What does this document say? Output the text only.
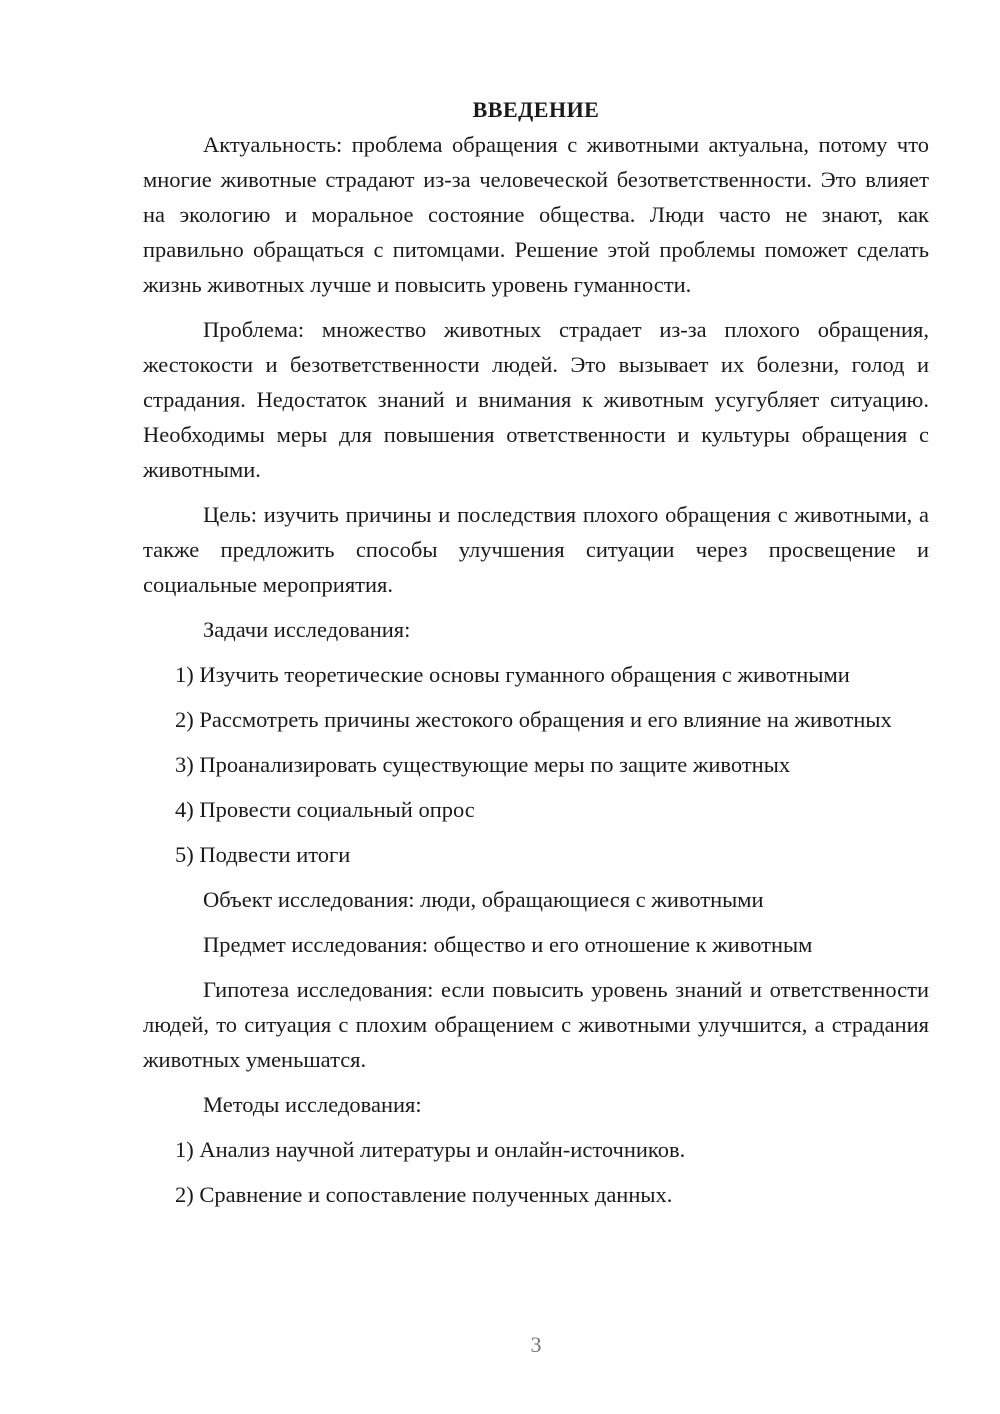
ВВЕДЕНИЕ

Актуальность: проблема обращения с животными актуальна, потому что многие животные страдают из-за человеческой безответственности. Это влияет на экологию и моральное состояние общества. Люди часто не знают, как правильно обращаться с питомцами. Решение этой проблемы поможет сделать жизнь животных лучше и повысить уровень гуманности.

Проблема: множество животных страдает из-за плохого обращения, жестокости и безответственности людей. Это вызывает их болезни, голод и страдания. Недостаток знаний и внимания к животным усугубляет ситуацию. Необходимы меры для повышения ответственности и культуры обращения с животными.

Цель: изучить причины и последствия плохого обращения с животными, а также предложить способы улучшения ситуации через просвещение и социальные мероприятия.

Задачи исследования:

1) Изучить теоретические основы гуманного обращения с животными

2) Рассмотреть причины жестокого обращения и его влияние на животных

3) Проанализировать существующие меры по защите животных

4) Провести социальный опрос

5) Подвести итоги

Объект исследования: люди, обращающиеся с животными

Предмет исследования: общество и его отношение к животным

Гипотеза исследования: если повысить уровень знаний и ответственности людей, то ситуация с плохим обращением с животными улучшится, а страдания животных уменьшатся.

Методы исследования:

1) Анализ научной литературы и онлайн-источников.

2) Сравнение и сопоставление полученных данных.

3
